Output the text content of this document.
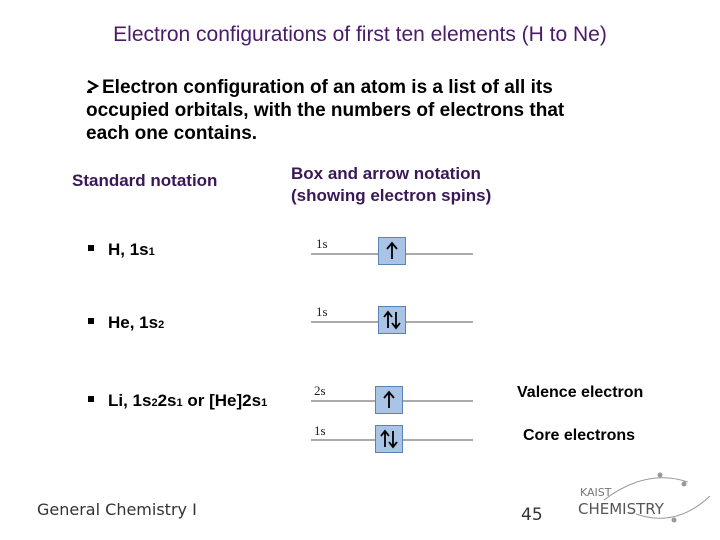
Electron configurations of first ten elements (H to Ne)
Electron configuration of an atom is a list of all its occupied orbitals, with the numbers of electrons that each one contains.
Standard notation	Box and arrow notation
(showing electron spins)
H, 1s 1
1s
He, 1s 2
1s
Li, 1s 2 2s 1 or [He]2s 1
2s
1s
Valence electron
Core electrons
General Chemistry I	45
KAIST
CHEMISTRY
